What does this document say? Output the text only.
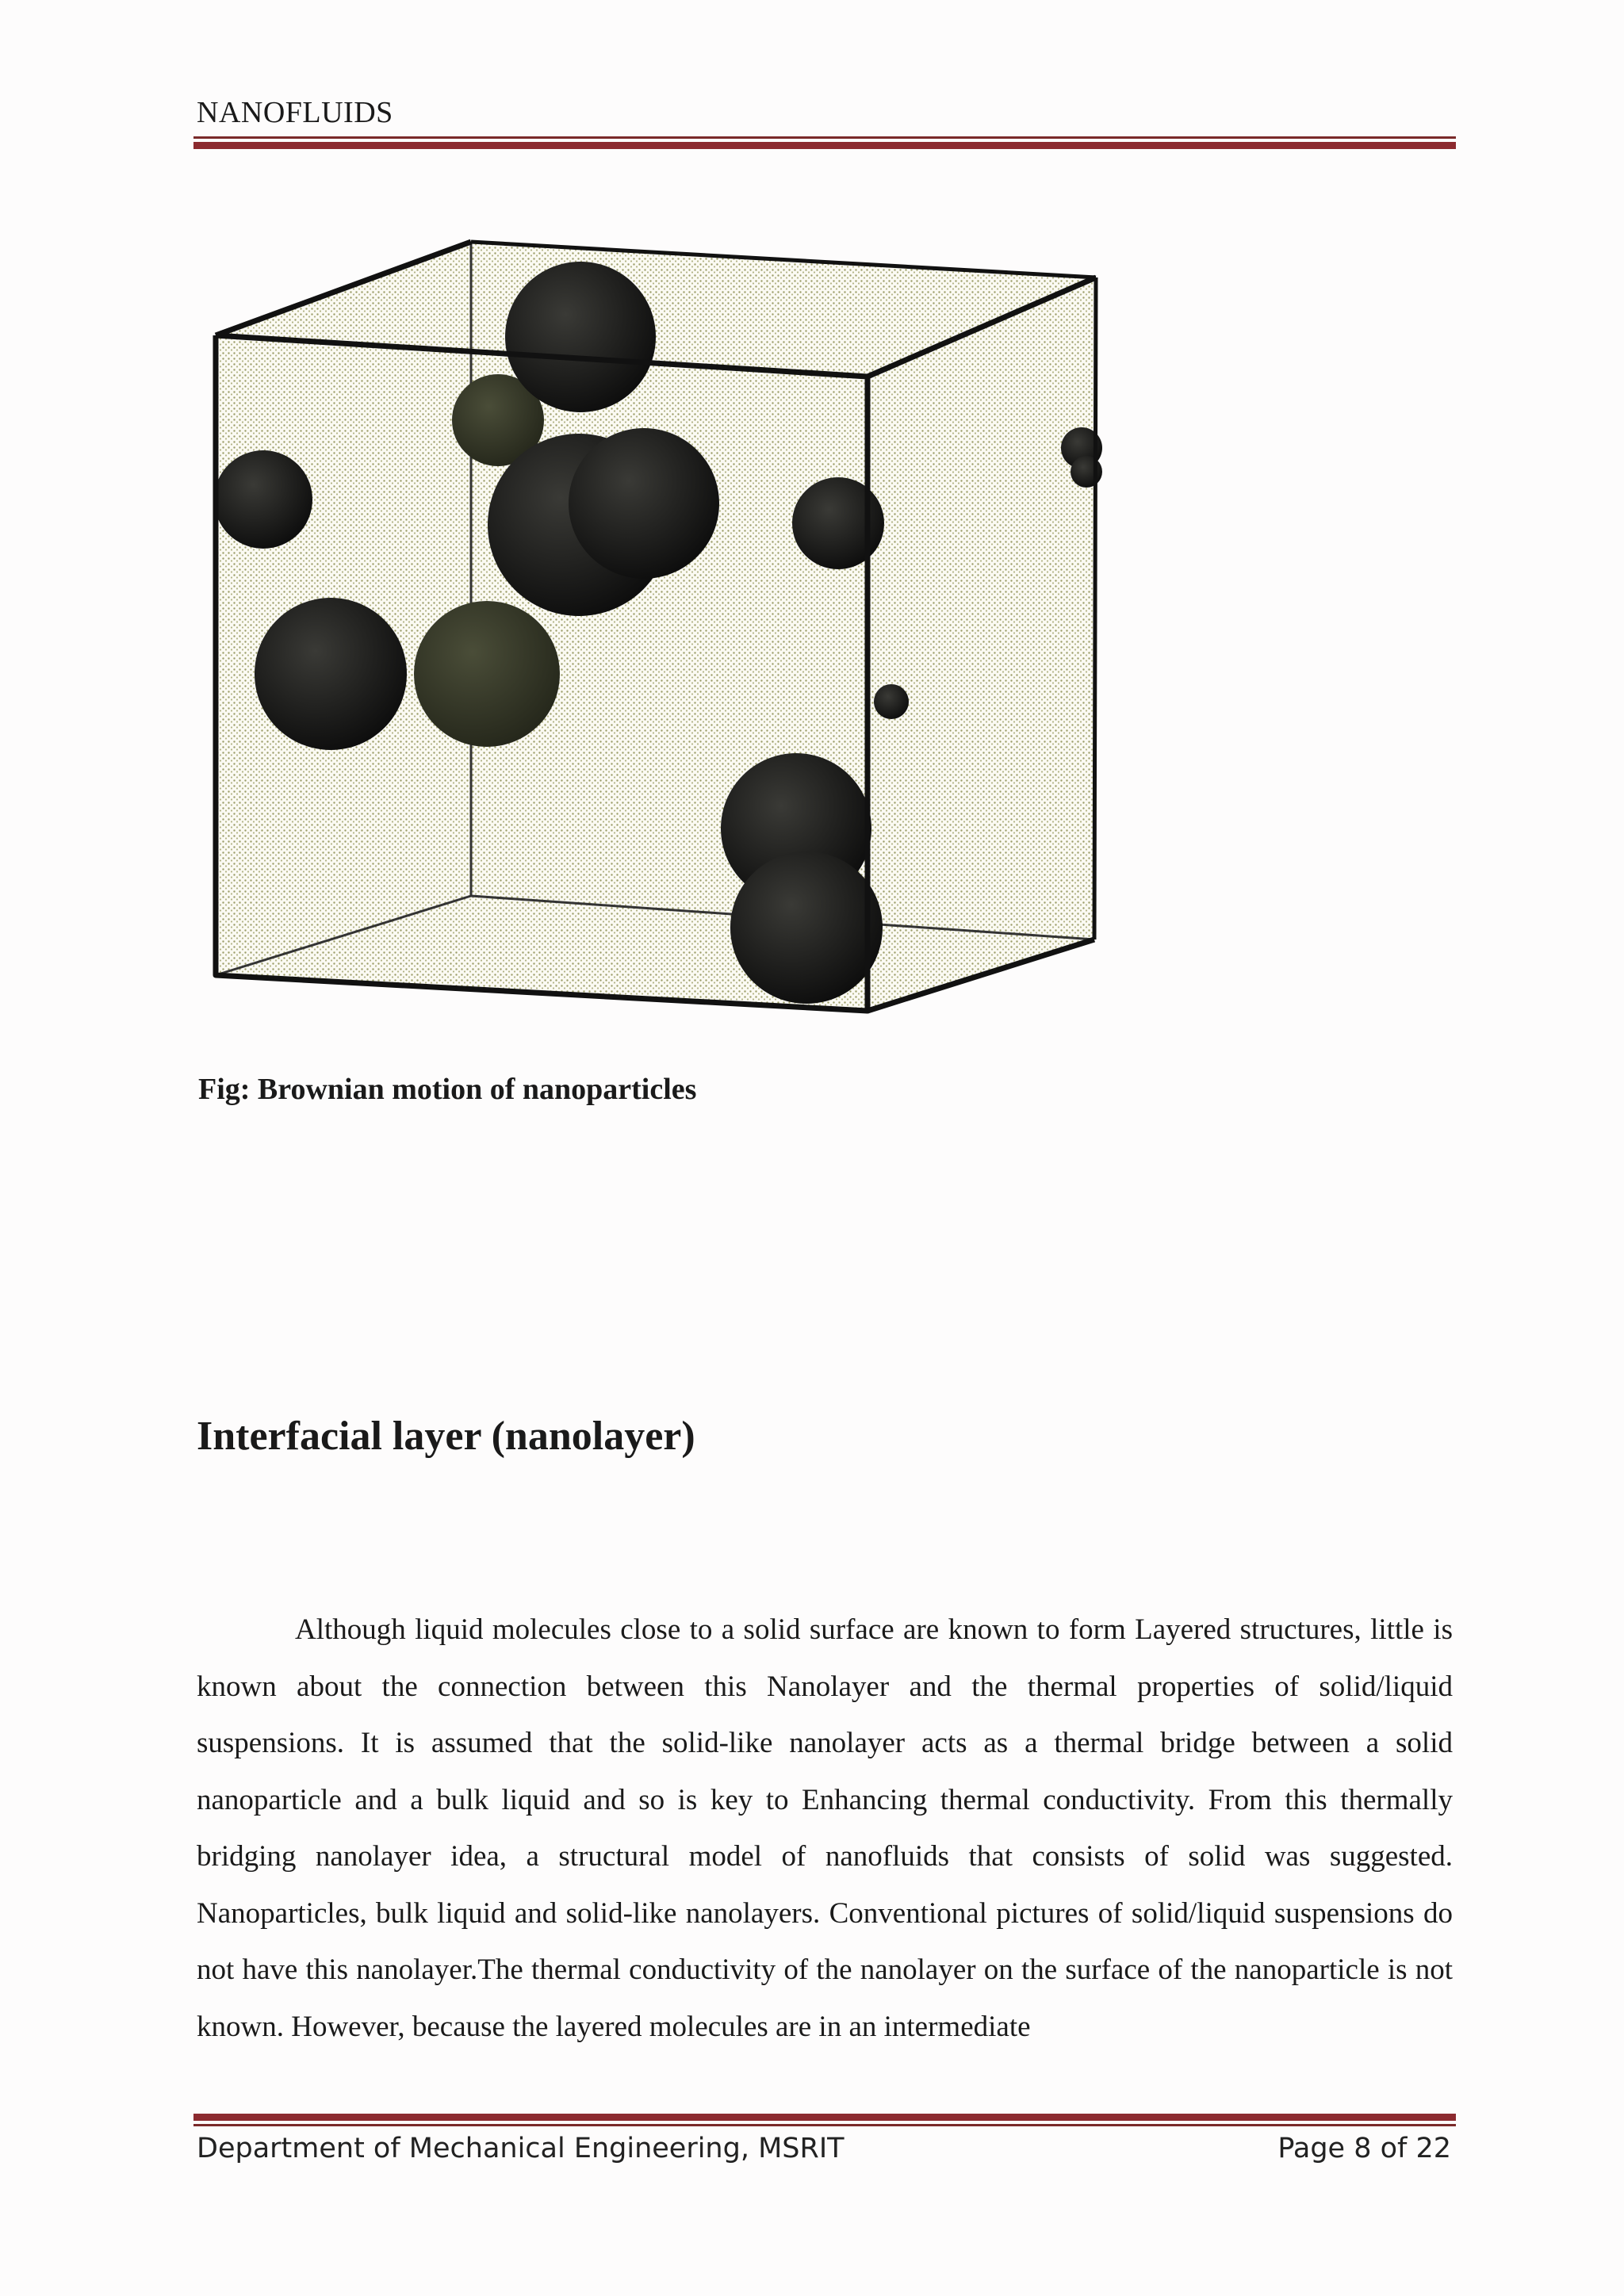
NANOFLUIDS
Fig: Brownian motion of nanoparticles
Interfacial layer (nanolayer)

Although liquid molecules close to a solid surface are known to form Layered structures, little is known about the connection between this Nanolayer and the thermal properties of solid/liquid suspensions. It is assumed that the solid-like nanolayer acts as a thermal bridge between a solid nanoparticle and a bulk liquid and so is key to Enhancing thermal conductivity. From this thermally bridging nanolayer idea, a structural model of nanofluids that consists of solid was suggested. Nanoparticles, bulk liquid and solid-like nanolayers. Conventional pictures of solid/liquid suspensions do not have this nanolayer.The thermal conductivity of the nanolayer on the surface of the nanoparticle is not known. However, because the layered molecules are in an intermediate

Department of Mechanical Engineering, MSRIT	Page 8 of 22
